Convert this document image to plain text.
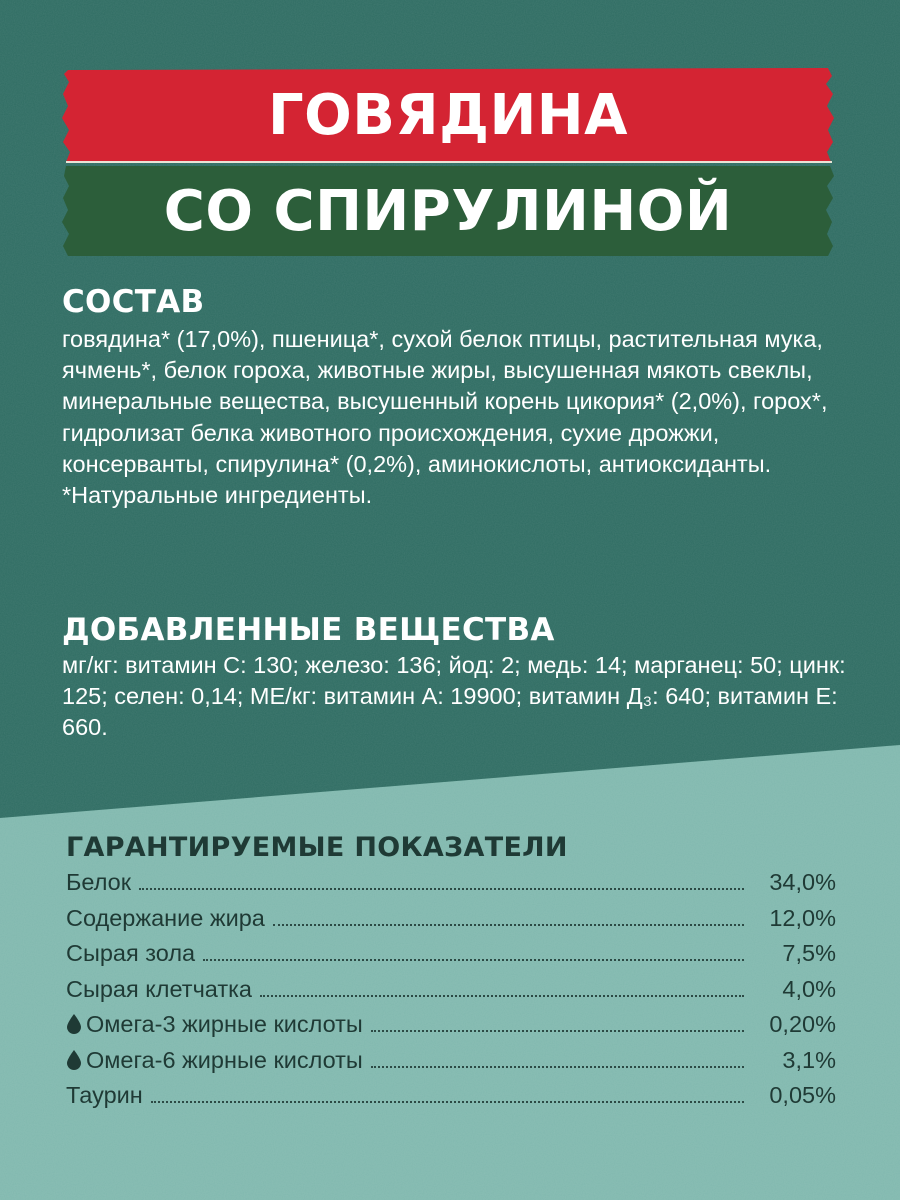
ГОВЯДИНА
СО СПИРУЛИНОЙ
СОСТАВ

говядина* (17,0%), пшеница*, сухой белок птицы, растительная мука, ячмень*, белок гороха, животные жиры, высушенная мякоть свеклы, минеральные вещества, высушенный корень цикория* (2,0%), горох*, гидролизат белка животного происхождения, сухие дрожжи, консерванты, спирулина* (0,2%), аминокислоты, антиоксиданты.

*Натуральные ингредиенты.

ДОБАВЛЕННЫЕ ВЕЩЕСТВА

мг/кг: витамин С: 130; железо: 136; йод: 2; медь: 14; марганец: 50; цинк: 125; селен: 0,14; МЕ/кг: витамин А: 19900; витамин Д₃: 640; витамин Е: 660.

ГАРАНТИРУЕМЫЕ ПОКАЗАТЕЛИ
Белок	34,0%
Содержание жира	12,0%
Сырая зола	7,5%
Сырая клетчатка	4,0%
Омега-3 жирные кислоты	0,20%
Омега-6 жирные кислоты	3,1%
Таурин	0,05%
